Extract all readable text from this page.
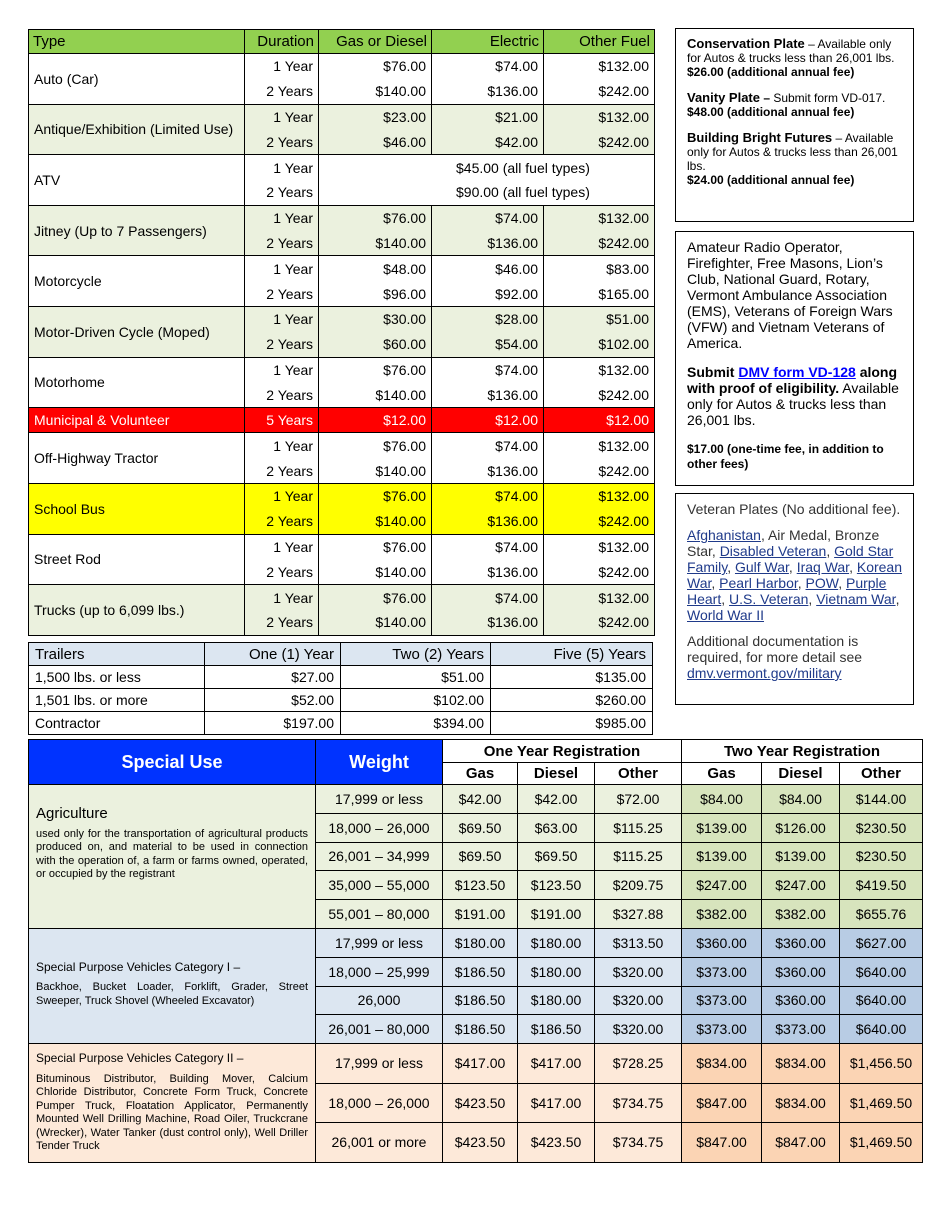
Type	Duration	Gas or Diesel	Electric	Other Fuel
Auto (Car)	1 Year	$76.00	$74.00	$132.00
	2 Years	$140.00	$136.00	$242.00
Antique/Exhibition (Limited Use)	1 Year	$23.00	$21.00	$132.00
	2 Years	$46.00	$42.00	$242.00
ATV	1 Year	$45.00 (all fuel types)		
	2 Years	$90.00 (all fuel types)		
Jitney (Up to 7 Passengers)	1 Year	$76.00	$74.00	$132.00
	2 Years	$140.00	$136.00	$242.00
Motorcycle	1 Year	$48.00	$46.00	$83.00
	2 Years	$96.00	$92.00	$165.00
Motor-Driven Cycle (Moped)	1 Year	$30.00	$28.00	$51.00
	2 Years	$60.00	$54.00	$102.00
Motorhome	1 Year	$76.00	$74.00	$132.00
	2 Years	$140.00	$136.00	$242.00
Municipal & Volunteer	5 Years	$12.00	$12.00	$12.00
Off-Highway Tractor	1 Year	$76.00	$74.00	$132.00
	2 Years	$140.00	$136.00	$242.00
School Bus	1 Year	$76.00	$74.00	$132.00
	2 Years	$140.00	$136.00	$242.00
Street Rod	1 Year	$76.00	$74.00	$132.00
	2 Years	$140.00	$136.00	$242.00
Trucks (up to 6,099 lbs.)	1 Year	$76.00	$74.00	$132.00
	2 Years	$140.00	$136.00	$242.00
Trailers	One (1) Year	Two (2) Years	Five (5) Years
1,500 lbs. or less	$27.00	$51.00	$135.00
1,501 lbs. or more	$52.00	$102.00	$260.00
Contractor	$197.00	$394.00	$985.00
Conservation Plate – Available only for Autos & trucks less than 26,001 lbs.
$26.00 (additional annual fee)
Vanity Plate – Submit form VD-017.
$48.00 (additional annual fee)
Building Bright Futures – Available only for Autos & trucks less than 26,001 lbs.
$24.00 (additional annual fee)
Amateur Radio Operator, Firefighter, Free Masons, Lion’s Club, National Guard, Rotary, Vermont Ambulance Association (EMS), Veterans of Foreign Wars (VFW) and Vietnam Veterans of America.
Submit DMV form VD-128 along with proof of eligibility. Available only for Autos & trucks less than 26,001 lbs.
$17.00 (one-time fee, in addition to other fees)
Veteran Plates (No additional fee).
Afghanistan, Air Medal, Bronze Star, Disabled Veteran, Gold Star Family, Gulf War, Iraq War, Korean War, Pearl Harbor, POW, Purple Heart, U.S. Veteran, Vietnam War, World War II
Additional documentation is required, for more detail see
dmv.vermont.gov/military
Special Use	Weight	One Year Registration			Two Year Registration		
		Gas	Diesel	Other	Gas	Diesel	Other

Agriculture
used only for the transportation of agricultural products produced on, and material to be used in connection with the operation of, a farm or farms owned, operated, or occupied by the registrant	17,999 or less	$42.00	$42.00	$72.00	$84.00	$84.00	$144.00
	18,000 – 26,000	$69.50	$63.00	$115.25	$139.00	$126.00	$230.50
	26,001 – 34,999	$69.50	$69.50	$115.25	$139.00	$139.00	$230.50
	35,000 – 55,000	$123.50	$123.50	$209.75	$247.00	$247.00	$419.50
	55,001 – 80,000	$191.00	$191.00	$327.88	$382.00	$382.00	$655.76

Special Purpose Vehicles Category I –
Backhoe, Bucket Loader, Forklift, Grader, Street Sweeper, Truck Shovel (Wheeled Excavator)	17,999 or less	$180.00	$180.00	$313.50	$360.00	$360.00	$627.00
	18,000 – 25,999	$186.50	$180.00	$320.00	$373.00	$360.00	$640.00
	26,000	$186.50	$180.00	$320.00	$373.00	$360.00	$640.00
	26,001 – 80,000	$186.50	$186.50	$320.00	$373.00	$373.00	$640.00

Special Purpose Vehicles Category II –
Bituminous Distributor, Building Mover, Calcium Chloride Distributor, Concrete Form Truck, Concrete Pumper Truck, Floatation Applicator, Permanently Mounted Well Drilling Machine, Road Oiler, Truckcrane (Wrecker), Water Tanker (dust control only), Well Driller Tender Truck	17,999 or less	$417.00	$417.00	$728.25	$834.00	$834.00	$1,456.50
	18,000 – 26,000	$423.50	$417.00	$734.75	$847.00	$834.00	$1,469.50
	26,001 or more	$423.50	$423.50	$734.75	$847.00	$847.00	$1,469.50
